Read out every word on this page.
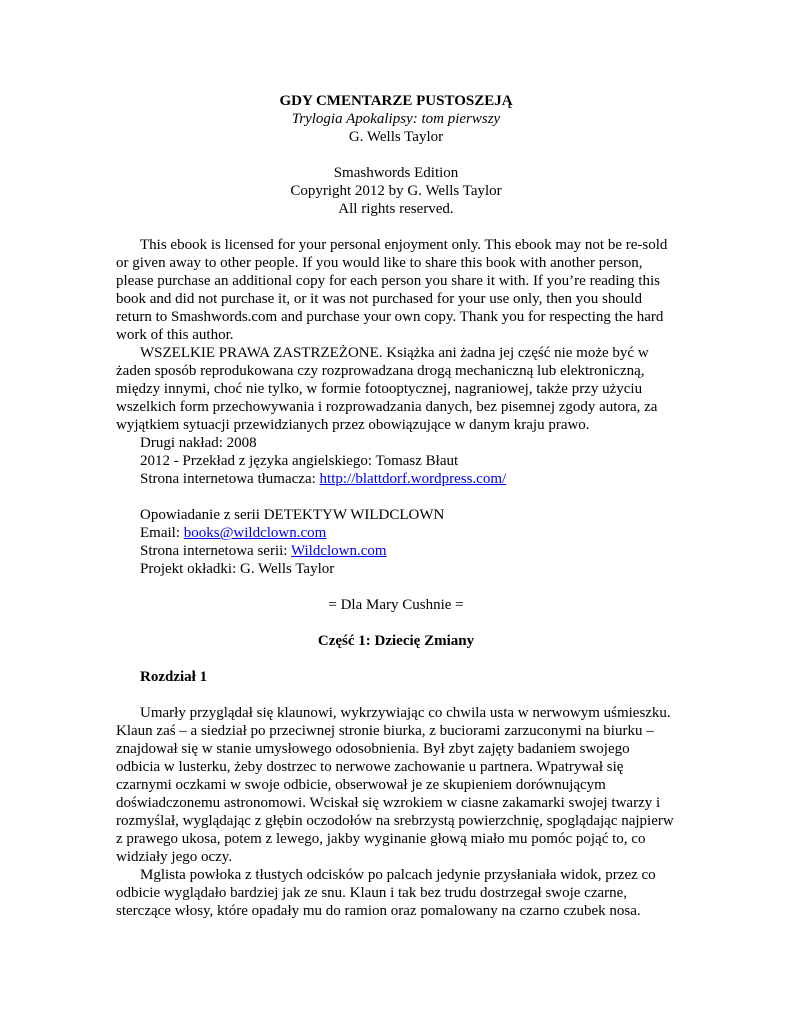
GDY CMENTARZE PUSTOSZEJĄ
Trylogia Apokalipsy: tom pierwszy
G. Wells Taylor
Smashwords Edition
Copyright 2012 by G. Wells Taylor
All rights reserved.

This ebook is licensed for your personal enjoyment only. This ebook may not be re-sold or given away to other people. If you would like to share this book with another person, please purchase an additional copy for each person you share it with. If you’re reading this book and did not purchase it, or it was not purchased for your use only, then you should return to Smashwords.com and purchase your own copy. Thank you for respecting the hard work of this author.

WSZELKIE PRAWA ZASTRZEŻONE. Książka ani żadna jej część nie może być w żaden sposób reprodukowana czy rozprowadzana drogą mechaniczną lub elektroniczną, między innymi, choć nie tylko, w formie fotooptycznej, nagraniowej, także przy użyciu wszelkich form przechowywania i rozprowadzania danych, bez pisemnej zgody autora, za wyjątkiem sytuacji przewidzianych przez obowiązujące w danym kraju prawo.

Drugi nakład: 2008

2012 - Przekład z języka angielskiego: Tomasz Błaut

Strona internetowa tłumacza: http://blattdorf.wordpress.com/

Opowiadanie z serii DETEKTYW WILDCLOWN

Email: books@wildclown.com

Strona internetowa serii: Wildclown.com

Projekt okładki: G. Wells Taylor

= Dla Mary Cushnie =
Część 1: Dziecię Zmiany
Rozdział 1

Umarły przyglądał się klaunowi, wykrzywiając co chwila usta w nerwowym uśmieszku. Klaun zaś – a siedział po przeciwnej stronie biurka, z buciorami zarzuconymi na biurku – znajdował się w stanie umysłowego odosobnienia. Był zbyt zajęty badaniem swojego odbicia w lusterku, żeby dostrzec to nerwowe zachowanie u partnera. Wpatrywał się czarnymi oczkami w swoje odbicie, obserwował je ze skupieniem dorównującym doświadczonemu astronomowi. Wciskał się wzrokiem w ciasne zakamarki swojej twarzy i rozmyślał, wyglądając z głębin oczodołów na srebrzystą powierzchnię, spoglądając najpierw z prawego ukosa, potem z lewego, jakby wyginanie głową miało mu pomóc pojąć to, co widziały jego oczy.

Mglista powłoka z tłustych odcisków po palcach jedynie przysłaniała widok, przez co odbicie wyglądało bardziej jak ze snu. Klaun i tak bez trudu dostrzegał swoje czarne, sterczące włosy, które opadały mu do ramion oraz pomalowany na czarno czubek nosa.
